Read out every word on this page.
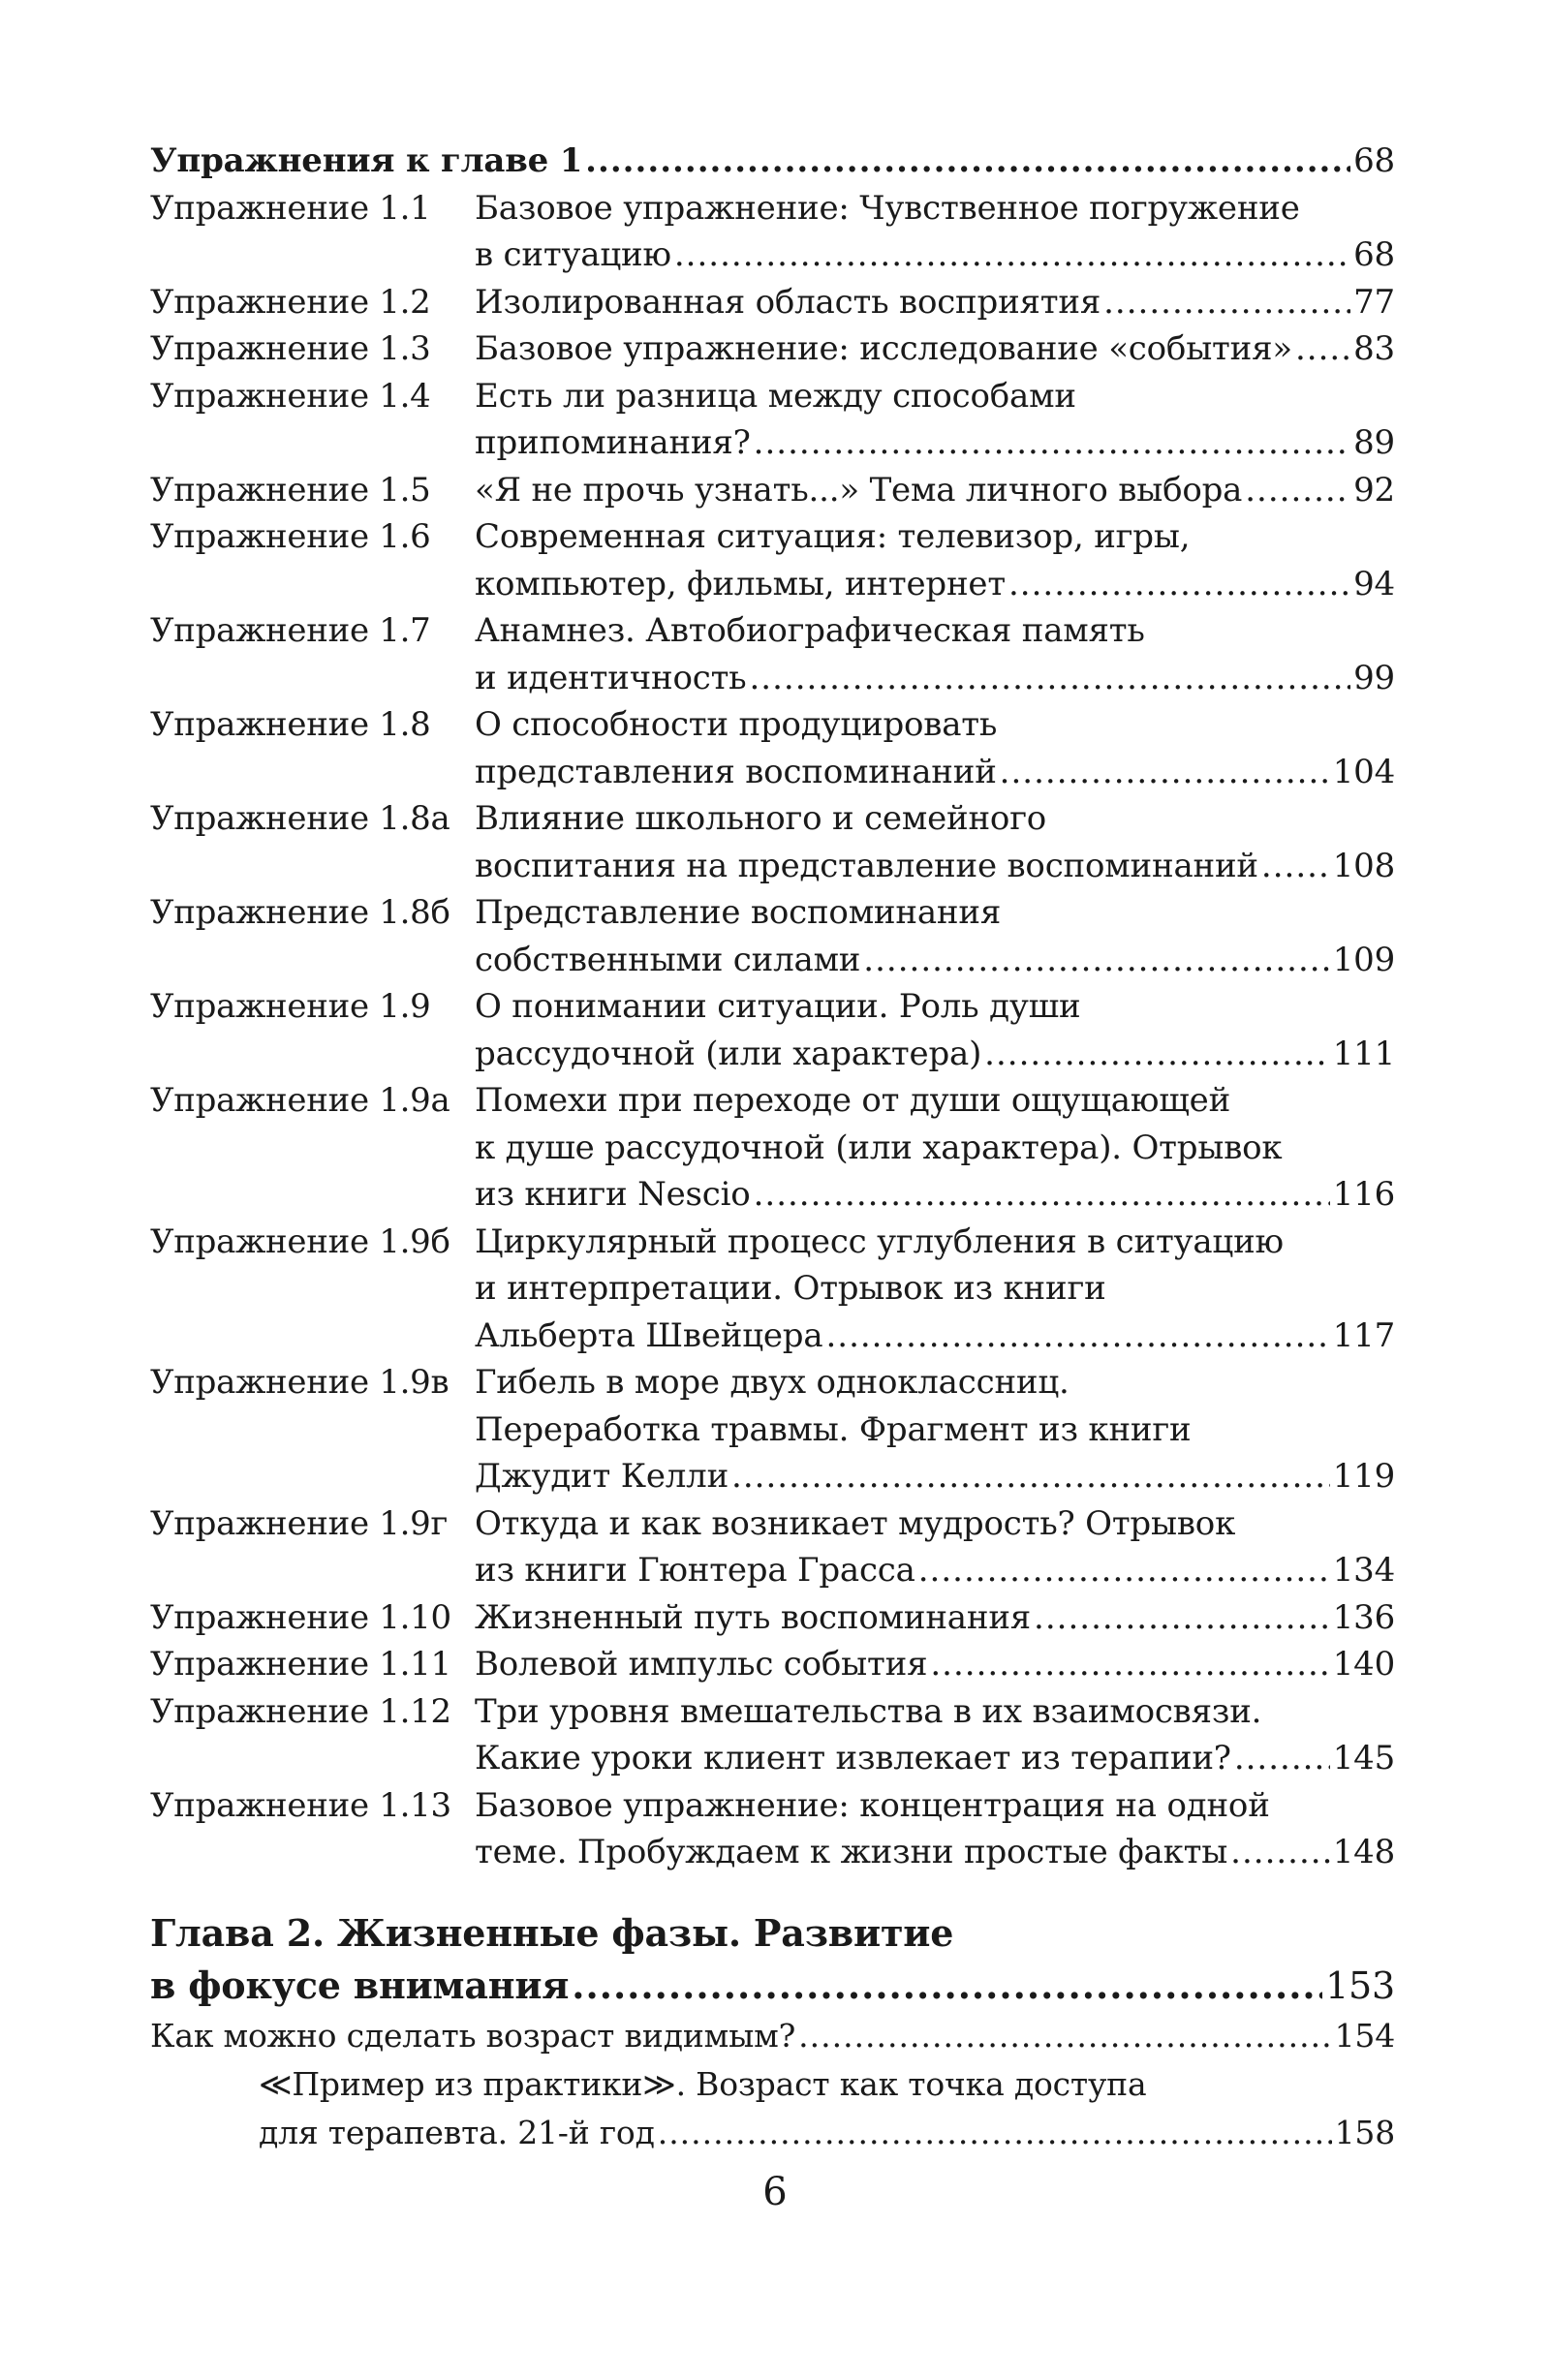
Упражнения к главе 1 .....	68
Упражнение 1.1	Базовое упражнение: Чувственное погружение
в ситуацию .....	68
Упражнение 1.2	Изолированная область восприятия .....	77
Упражнение 1.3	Базовое упражнение: исследование «события» ..... 83
Упражнение 1.4	Есть ли разница между способами
припоминания? .....	89
Упражнение 1.5	«Я не прочь узнать...» Тема личного выбора .....	92
Упражнение 1.6	Современная ситуация: телевизор, игры,
компьютер, фильмы, интернет .....	94
Упражнение 1.7	Анамнез. Автобиографическая память
и идентичность .....	99
Упражнение 1.8	О способности продуцировать
представления воспоминаний .....	104
Упражнение 1.8а Влияние школьного и семейного
воспитания на представление воспоминаний ..... 108
Упражнение 1.8б Представление воспоминания
собственными силами .....	109
Упражнение 1.9	О понимании ситуации. Роль души
рассудочной (или характера) .....	111
Упражнение 1.9а Помехи при переходе от души ощущающей
к душе рассудочной (или характера). Отрывок
из книги Nescio .....	116
Упражнение 1.9б Циркулярный процесс углубления в ситуацию
и интерпретации. Отрывок из книги
Альберта Швейцера .....	117
Упражнение 1.9в Гибель в море двух одноклассниц.
Переработка травмы. Фрагмент из книги
Джудит Келли .....	119
Упражнение 1.9г Откуда и как возникает мудрость? Отрывок
из книги Гюнтера Грасса .....	134
Упражнение 1.10 Жизненный путь воспоминания .....	136
Упражнение 1.11 Волевой импульс события .....	140
Упражнение 1.12 Три уровня вмешательства в их взаимосвязи.
Какие уроки клиент извлекает из терапии? .....	145
Упражнение 1.13 Базовое упражнение: концентрация на одной
теме. Пробуждаем к жизни простые факты .....	148
Глава 2. Жизненные фазы. Развитие
в фокусе внимания .....	153
Как можно сделать возраст видимым? .....	154
≪Пример из практики≫. Возраст как точка доступа
для терапевта. 21-й год .....	158
6
